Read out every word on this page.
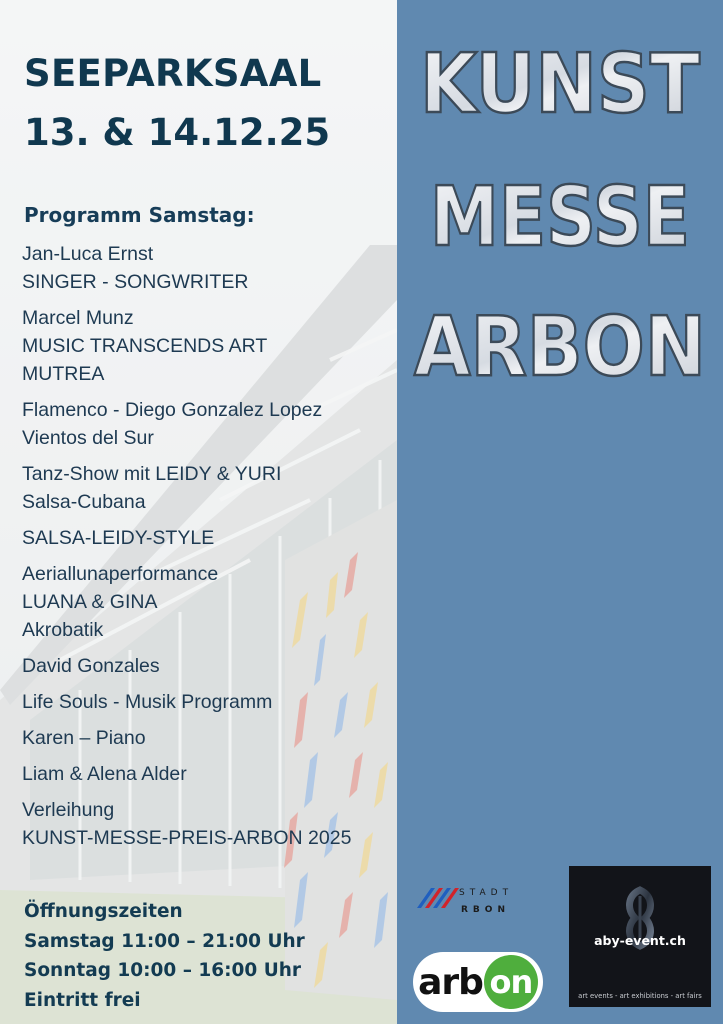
SEEPARKSAAL
13. & 14.12.25
Programm Samstag:
Jan-Luca Ernst
SINGER - SONGWRITER
Marcel Munz
MUSIC TRANSCENDS ART
MUTREA
Flamenco - Diego Gonzalez Lopez
Vientos del Sur
Tanz-Show mit LEIDY & YURI
Salsa-Cubana
SALSA-LEIDY-STYLE
Aeriallunaperformance
LUANA & GINA
Akrobatik
David Gonzales
Life Souls - Musik Programm
Karen – Piano
Liam & Alena Alder
Verleihung
KUNST-MESSE-PREIS-ARBON 2025
Öffnungszeiten
Samstag 11:00 – 21:00 Uhr
Sonntag 10:00 – 16:00 Uhr
Eintritt frei
KUNST
MESSE
ARBON
STADT
RBON
arb on
aby-event.ch
art events - art exhibitions - art fairs
